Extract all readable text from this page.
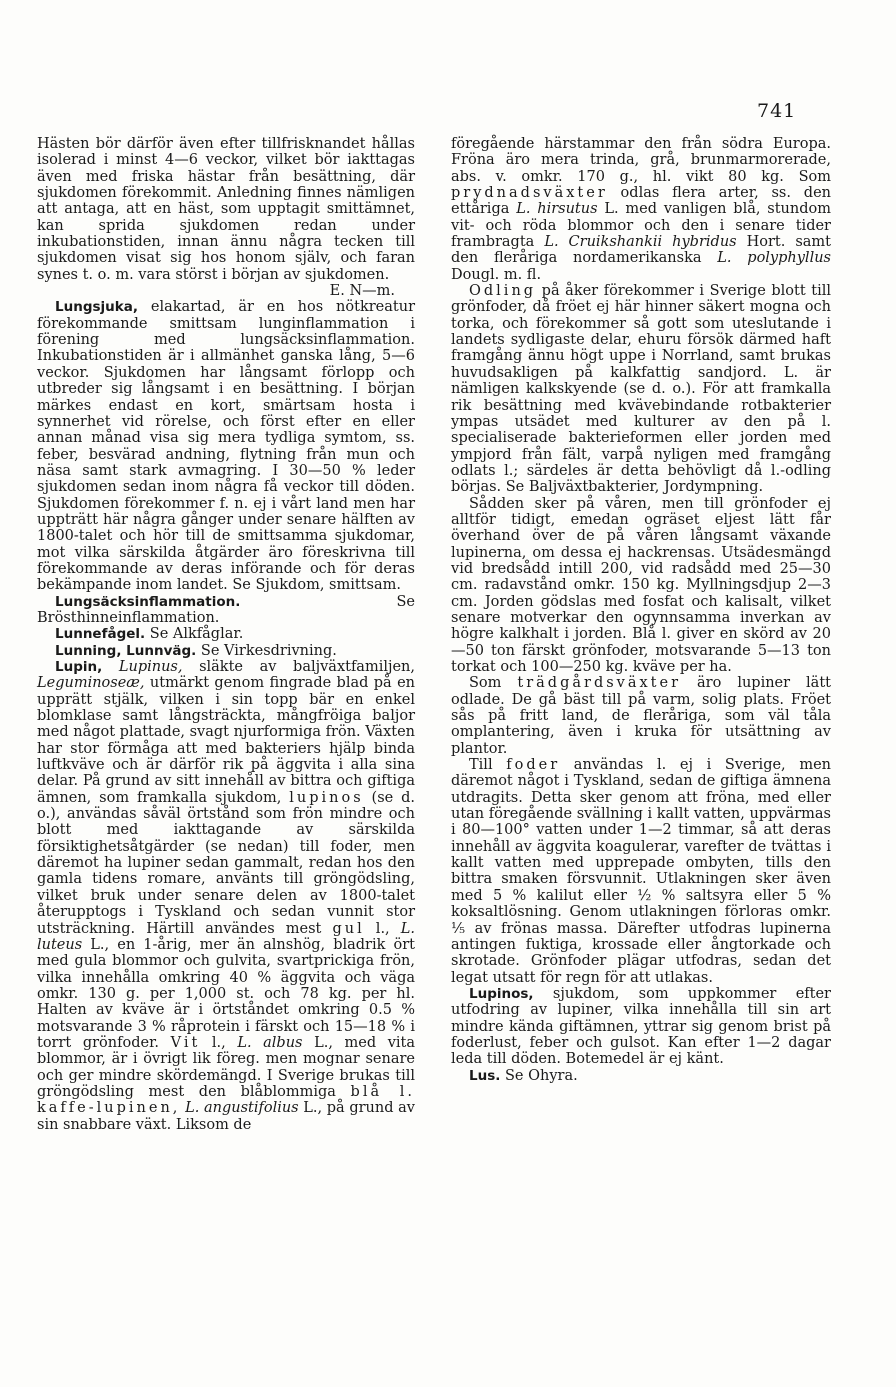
741

Hästen bör därför även efter tillfrisknandet hållas isolerad i minst 4—6 veckor, vilket bör iakttagas även med friska hästar från besättning, där sjukdomen förekommit. Anledning finnes nämligen att antaga, att en häst, som upptagit smittämnet, kan sprida sjukdomen redan under inkubationstiden, innan ännu några tecken till sjukdomen visat sig hos honom själv, och faran synes t. o. m. vara störst i början av sjukdomen.
E. N—m.

Lungsjuka, elakartad, är en hos nötkreatur förekommande smittsam lunginflammation i förening med lungsäcksinflammation. Inkubationstiden är i allmänhet ganska lång, 5—6 veckor. Sjukdomen har långsamt förlopp och utbreder sig långsamt i en besättning. I början märkes endast en kort, smärtsam hosta i synnerhet vid rörelse, och först efter en eller annan månad visa sig mera tydliga symtom, ss. feber, besvärad andning, flytning från mun och näsa samt stark avmagring. I 30—50 % leder sjukdomen sedan inom några få veckor till döden. Sjukdomen förekommer f. n. ej i vårt land men har uppträtt här några gånger under senare hälften av 1800-talet och hör till de smittsamma sjukdomar, mot vilka särskilda åtgärder äro föreskrivna till förekommande av deras införande och för deras bekämpande inom landet. Se Sjukdom, smittsam.

Lungsäcksinflammation. Se Brösthinneinflammation.

Lunnefågel. Se Alkfåglar.

Lunning, Lunnväg. Se Virkesdrivning.

Lupin, Lupinus, släkte av baljväxtfamiljen, Leguminoseæ, utmärkt genom fingrade blad på en upprätt stjälk, vilken i sin topp bär en enkel blomklase samt långsträckta, mångfröiga baljor med något plattade, svagt njurformiga frön. Växten har stor förmåga att med bakteriers hjälp binda luftkväve och är därför rik på äggvita i alla sina delar. På grund av sitt innehåll av bittra och giftiga ämnen, som framkalla sjukdom, lupinos (se d. o.), användas såväl örtstånd som frön mindre och blott med iakttagande av särskilda försiktighetsåtgärder (se nedan) till foder, men däremot ha lupiner sedan gammalt, redan hos den gamla tidens romare, använts till gröngödsling, vilket bruk under senare delen av 1800-talet återupptogs i Tyskland och sedan vunnit stor utsträckning. Härtill användes mest gul l., L. luteus L., en 1-årig, mer än alnshög, bladrik ört med gula blommor och gulvita, svartprickiga frön, vilka innehålla omkring 40 % äggvita och väga omkr. 130 g. per 1,000 st. och 78 kg. per hl. Halten av kväve är i örtståndet omkring 0.5 % motsvarande 3 % råprotein i färskt och 15—18 % i torrt grönfoder. Vit l., L. albus L., med vita blommor, är i övrigt lik föreg. men mognar senare och ger mindre skördemängd. I Sverige brukas till gröngödsling mest den blåblommiga blå l. kaffe-lupinen, L. angustifolius L., på grund av sin snabbare växt. Liksom de

föregående härstammar den från södra Europa. Fröna äro mera trinda, grå, brunmarmorerade, abs. v. omkr. 170 g., hl. vikt 80 kg. Som prydnadsväxter odlas flera arter, ss. den ettåriga L. hirsutus L. med vanligen blå, stundom vit- och röda blommor och den i senare tider frambragta L. Cruikshankii hybridus Hort. samt den fleråriga nordamerikanska L. polyphyllus Dougl. m. fl.

Odling på åker förekommer i Sverige blott till grönfoder, då fröet ej här hinner säkert mogna och torka, och förekommer så gott som uteslutande i landets sydligaste delar, ehuru försök därmed haft framgång ännu högt uppe i Norrland, samt brukas huvudsakligen på kalkfattig sandjord. L. är nämligen kalkskyende (se d. o.). För att framkalla rik besättning med kvävebindande rotbakterier ympas utsädet med kulturer av den på l. specialiserade bakterieformen eller jorden med ympjord från fält, varpå nyligen med framgång odlats l.; särdeles är detta behövligt då l.-odling börjas. Se Baljväxtbakterier, Jordympning.

Sådden sker på våren, men till grönfoder ej alltför tidigt, emedan ogräset eljest lätt får överhand över de på våren långsamt växande lupinerna, om dessa ej hackrensas. Utsädesmängd vid bredsådd intill 200, vid radsådd med 25—30 cm. radavstånd omkr. 150 kg. Myllningsdjup 2—3 cm. Jorden gödslas med fosfat och kalisalt, vilket senare motverkar den ogynnsamma inverkan av högre kalkhalt i jorden. Blå l. giver en skörd av 20—50 ton färskt grönfoder, motsvarande 5—13 ton torkat och 100—250 kg. kväve per ha.

Som trädgårdsväxter äro lupiner lätt odlade. De gå bäst till på varm, solig plats. Fröet sås på fritt land, de fleråriga, som väl tåla omplantering, även i kruka för utsättning av plantor.

Till foder användas l. ej i Sverige, men däremot något i Tyskland, sedan de giftiga ämnena utdragits. Detta sker genom att fröna, med eller utan föregående svällning i kallt vatten, uppvärmas i 80—100° vatten under 1—2 timmar, så att deras innehåll av äggvita koagulerar, varefter de tvättas i kallt vatten med upprepade ombyten, tills den bittra smaken försvunnit. Utlakningen sker även med 5 % kalilut eller ½ % saltsyra eller 5 % koksaltlösning. Genom utlakningen förloras omkr. ⅕ av frönas massa. Därefter utfodras lupinerna antingen fuktiga, krossade eller ångtorkade och skrotade. Grönfoder plägar utfodras, sedan det legat utsatt för regn för att utlakas.

Lupinos, sjukdom, som uppkommer efter utfodring av lupiner, vilka innehålla till sin art mindre kända giftämnen, yttrar sig genom brist på foderlust, feber och gulsot. Kan efter 1—2 dagar leda till döden. Botemedel är ej känt.

Lus. Se Ohyra.
